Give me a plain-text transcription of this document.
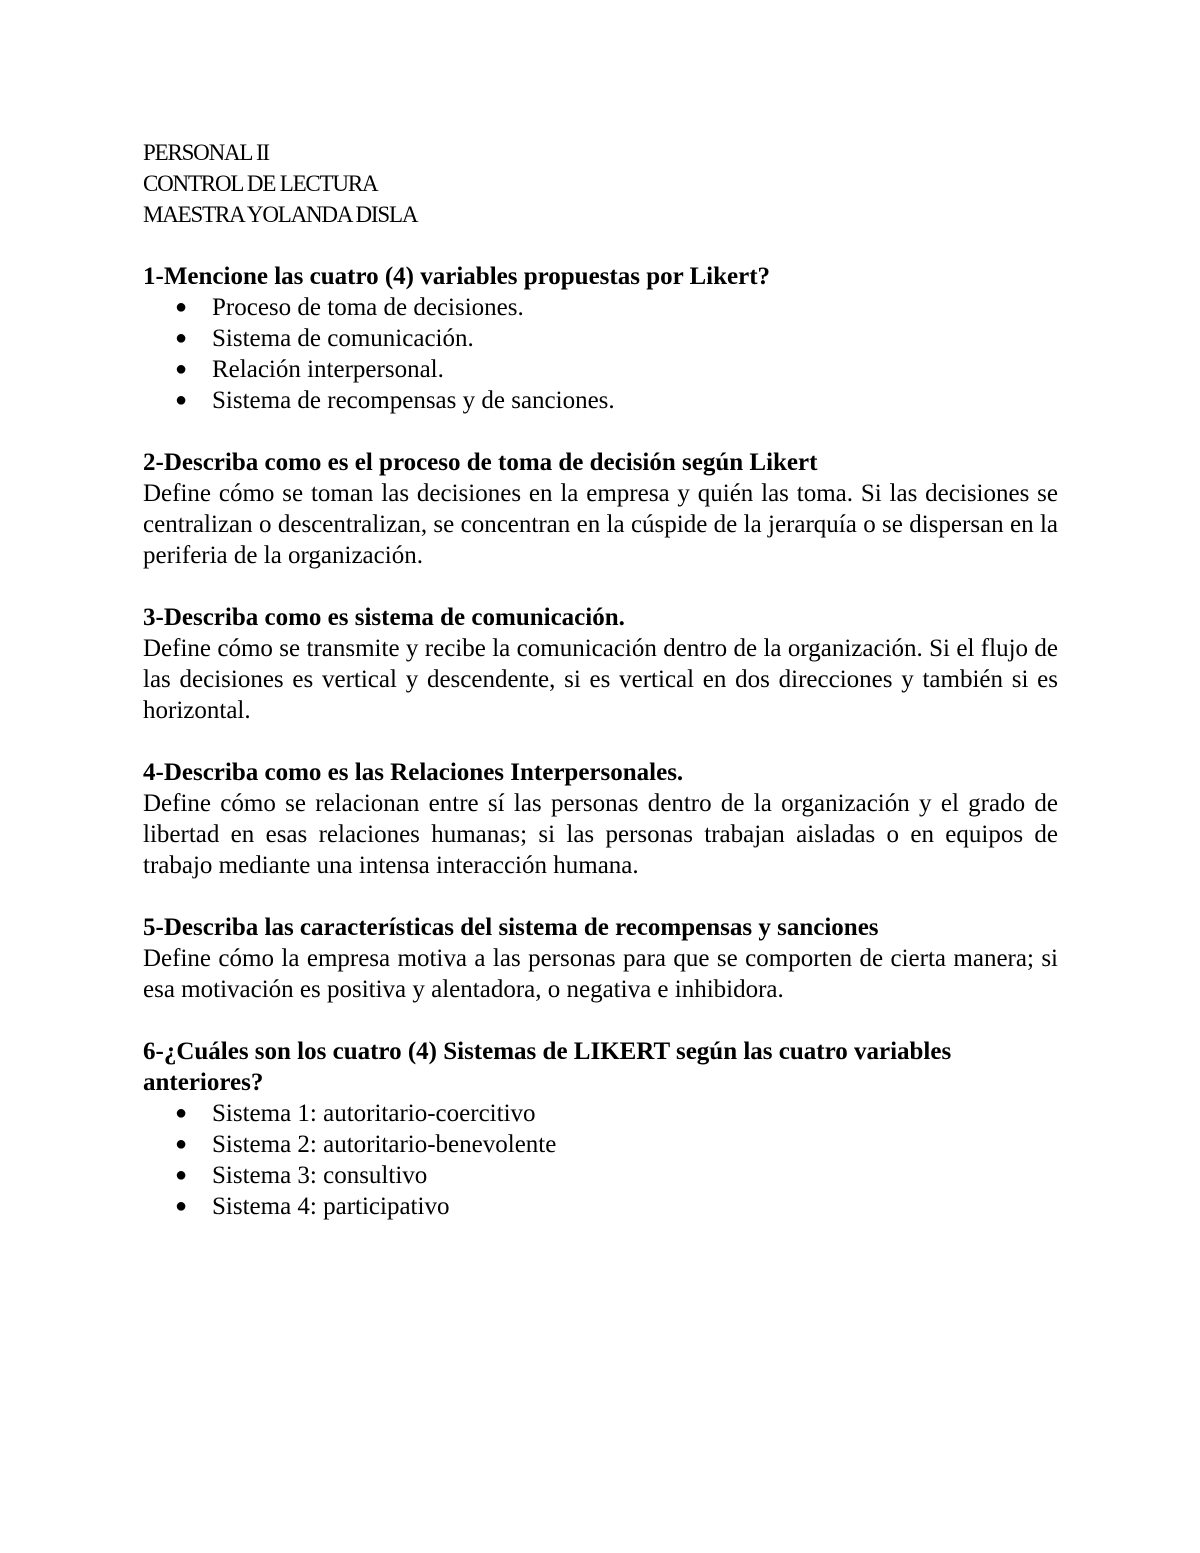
PERSONAL II
CONTROL DE LECTURA
MAESTRA YOLANDA DISLA
1-Mencione las cuatro (4) variables propuestas por Likert?
● Proceso de toma de decisiones.
● Sistema de comunicación.
● Relación interpersonal.
● Sistema de recompensas y de sanciones.
2-Describa como es el proceso de toma de decisión según Likert
Define cómo se toman las decisiones en la empresa y quién las toma. Si las decisiones se centralizan o descentralizan, se concentran en la cúspide de la jerarquía o se dispersan en la periferia de la organización.
3-Describa como es sistema de comunicación.
Define cómo se transmite y recibe la comunicación dentro de la organización. Si el flujo de las decisiones es vertical y descendente, si es vertical en dos direcciones y también si es horizontal.
4-Describa como es las Relaciones Interpersonales.
Define cómo se relacionan entre sí las personas dentro de la organización y el grado de libertad en esas relaciones humanas; si las personas trabajan aisladas o en equipos de trabajo mediante una intensa interacción humana.
5-Describa las características del sistema de recompensas y sanciones
Define cómo la empresa motiva a las personas para que se comporten de cierta manera; si esa motivación es positiva y alentadora, o negativa e inhibidora.
6-¿Cuáles son los cuatro (4) Sistemas de LIKERT según las cuatro variables anteriores?
● Sistema 1: autoritario-coercitivo
● Sistema 2: autoritario-benevolente
● Sistema 3: consultivo
● Sistema 4: participativo
